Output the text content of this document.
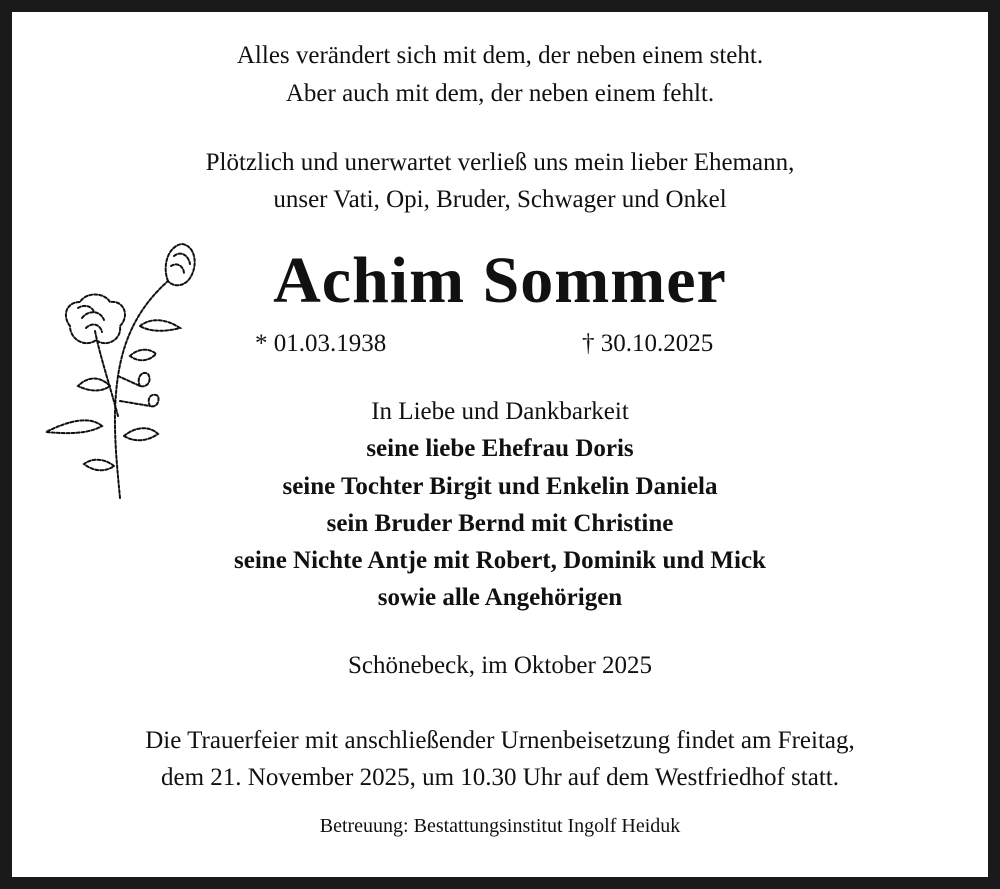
Alles verändert sich mit dem, der neben einem steht.
Aber auch mit dem, der neben einem fehlt.
Plötzlich und unerwartet verließ uns mein lieber Ehemann,
unser Vati, Opi, Bruder, Schwager und Onkel
Achim Sommer
* 01.03.1938	† 30.10.2025
In Liebe und Dankbarkeit
seine liebe Ehefrau Doris
seine Tochter Birgit und Enkelin Daniela
sein Bruder Bernd mit Christine
seine Nichte Antje mit Robert, Dominik und Mick
sowie alle Angehörigen
Schönebeck, im Oktober 2025
Die Trauerfeier mit anschließender Urnenbeisetzung findet am Freitag,
dem 21. November 2025, um 10.30 Uhr auf dem Westfriedhof statt.
Betreuung: Bestattungsinstitut Ingolf Heiduk
